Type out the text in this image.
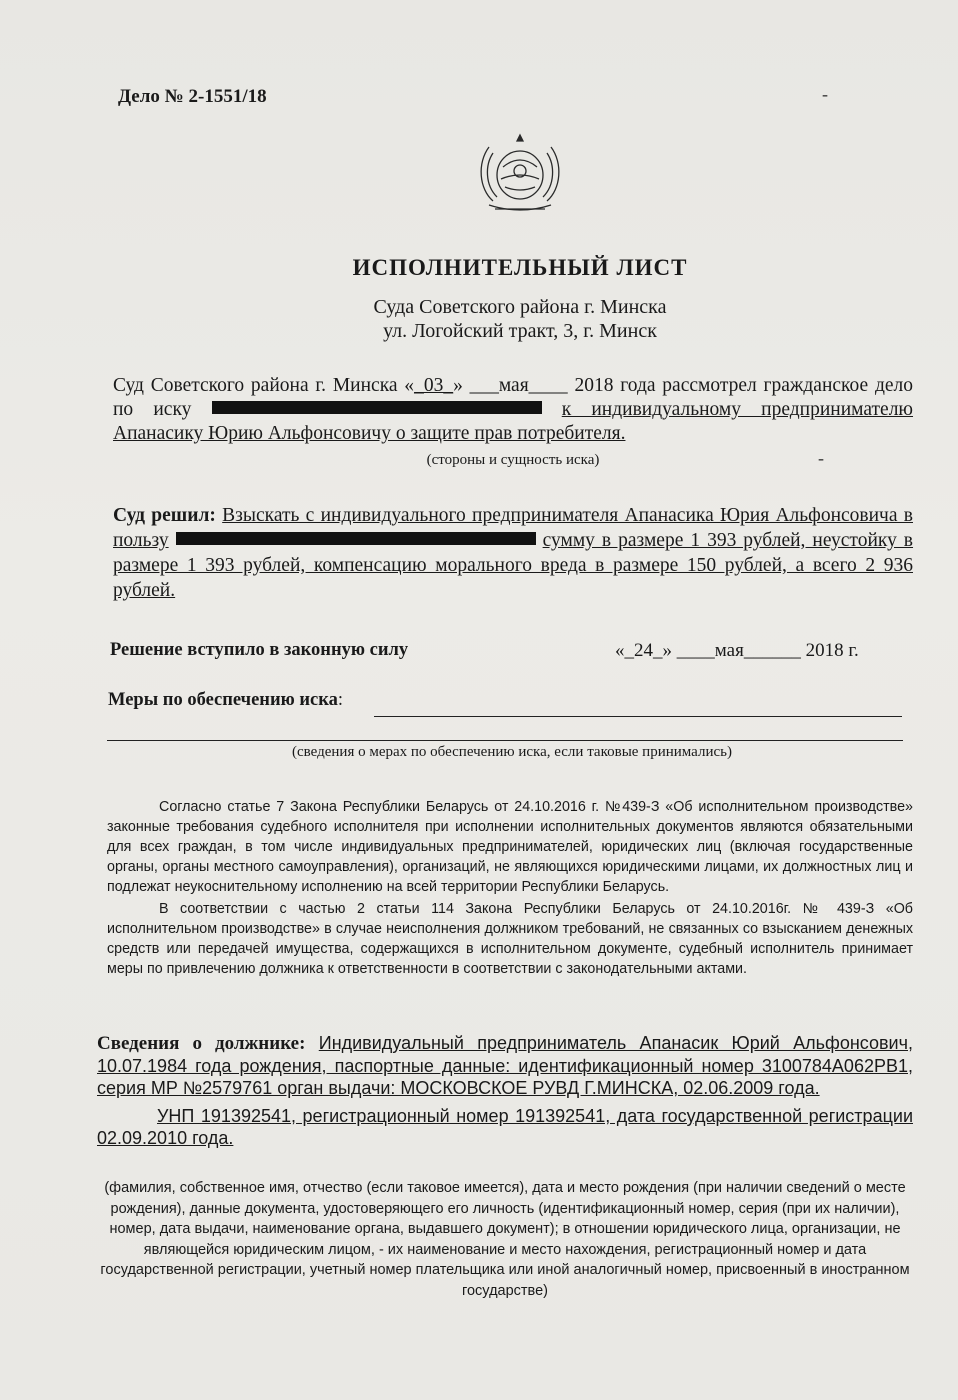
Дело № 2-1551/18	-
-
ИСПОЛНИТЕЛЬНЫЙ ЛИСТ
Суда Советского района г. Минска
ул. Логойский тракт, 3, г. Минск
Суд Советского района г. Минска «_03_» ___мая____ 2018 года рассмотрел гражданское дело по иску	к индивидуальному предпринимателю Апанасику Юрию Альфонсовичу о защите прав потребителя.
(стороны и сущность иска)
Суд решил: Взыскать с индивидуального предпринимателя Апанасика Юрия Альфонсовича в пользу	сумму в размере 1 393 рублей, неустойку в размере 1 393 рублей, компенсацию морального вреда в размере 150 рублей, а всего 2 936 рублей.
Решение вступило в законную силу	«_24_» ____мая______ 2018 г.
Меры по обеспечению иска:
(сведения о мерах по обеспечению иска, если таковые принимались)

Согласно статье 7 Закона Республики Беларусь от 24.10.2016 г. №439-З «Об исполнительном производстве» законные требования судебного исполнителя при исполнении исполнительных документов являются обязательными для всех граждан, в том числе индивидуальных предпринимателей, юридических лиц (включая государственные органы, органы местного самоуправления), организаций, не являющихся юридическими лицами, их должностных лиц и подлежат неукоснительному исполнению на всей территории Республики Беларусь.

В соответствии с частью 2 статьи 114 Закона Республики Беларусь от 24.10.2016г. № 439-З «Об исполнительном производстве» в случае неисполнения должником требований, не связанных со взысканием денежных средств или передачей имущества, содержащихся в исполнительном документе, судебный исполнитель принимает меры по привлечению должника к ответственности в соответствии с законодательными актами.

Сведения о должнике: Индивидуальный предприниматель Апанасик Юрий Альфонсович, 10.07.1984 года рождения, паспортные данные: идентификационный номер 3100784А062РВ1, серия МР №2579761 орган выдачи: МОСКОВСКОЕ РУВД Г.МИНСКА, 02.06.2009 года.
УНП 191392541, регистрационный номер 191392541, дата государственной регистрации 02.09.2010 года.
(фамилия, собственное имя, отчество (если таковое имеется), дата и место рождения (при наличии сведений о месте рождения), данные документа, удостоверяющего его личность (идентификационный номер, серия (при их наличии), номер, дата выдачи, наименование органа, выдавшего документ); в отношении юридического лица, организации, не являющейся юридическим лицом, - их наименование и место нахождения, регистрационный номер и дата государственной регистрации, учетный номер плательщика или иной аналогичный номер, присвоенный в иностранном государстве)
